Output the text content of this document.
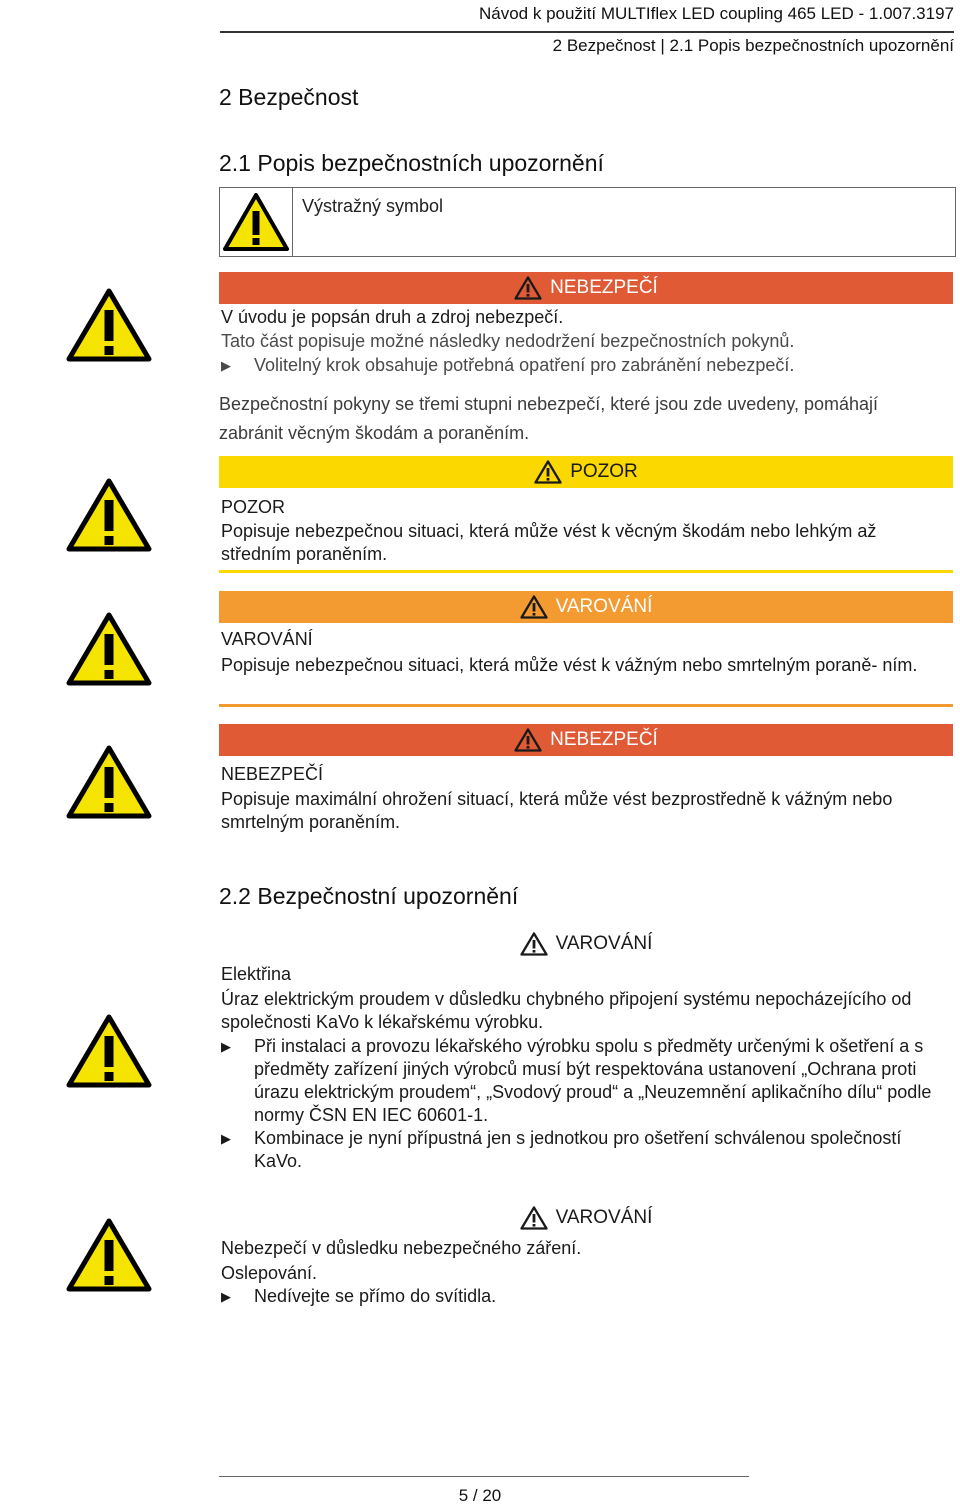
Návod k použití MULTIflex LED coupling 465 LED - 1.007.3197
2 Bezpečnost | 2.1 Popis bezpečnostních upozornění
2 Bezpečnost
2.1 Popis bezpečnostních upozornění
Výstražný symbol
NEBEZPEČÍ
V úvodu je popsán druh a zdroj nebezpečí.
Tato část popisuje možné následky nedodržení bezpečnostních pokynů.
▶ Volitelný krok obsahuje potřebná opatření pro zabránění nebezpečí.
Bezpečnostní pokyny se třemi stupni nebezpečí, které jsou zde uvedeny, pomáhají zabránit věcným škodám a poraněním.
POZOR
POZOR
Popisuje nebezpečnou situaci, která může vést k věcným škodám nebo lehkým až středním poraněním.
VAROVÁNÍ
VAROVÁNÍ
Popisuje nebezpečnou situaci, která může vést k vážným nebo smrtelným poraně- ním.
NEBEZPEČÍ
NEBEZPEČÍ
Popisuje maximální ohrožení situací, která může vést bezprostředně k vážným nebo smrtelným poraněním.
2.2 Bezpečnostní upozornění
VAROVÁNÍ
Elektřina
Úraz elektrickým proudem v důsledku chybného připojení systému nepocházejícího od společnosti KaVo k lékařskému výrobku.
▶ Při instalaci a provozu lékařského výrobku spolu s předměty určenými k ošetření a s předměty zařízení jiných výrobců musí být respektována ustanovení „Ochrana proti úrazu elektrickým proudem“, „Svodový proud“ a „Neuzemnění aplikačního dílu“ podle normy ČSN EN IEC 60601-1.
▶ Kombinace je nyní přípustná jen s jednotkou pro ošetření schválenou společností KaVo.
VAROVÁNÍ
Nebezpečí v důsledku nebezpečného záření.
Oslepování.
▶ Nedívejte se přímo do svítidla.
5 / 20
